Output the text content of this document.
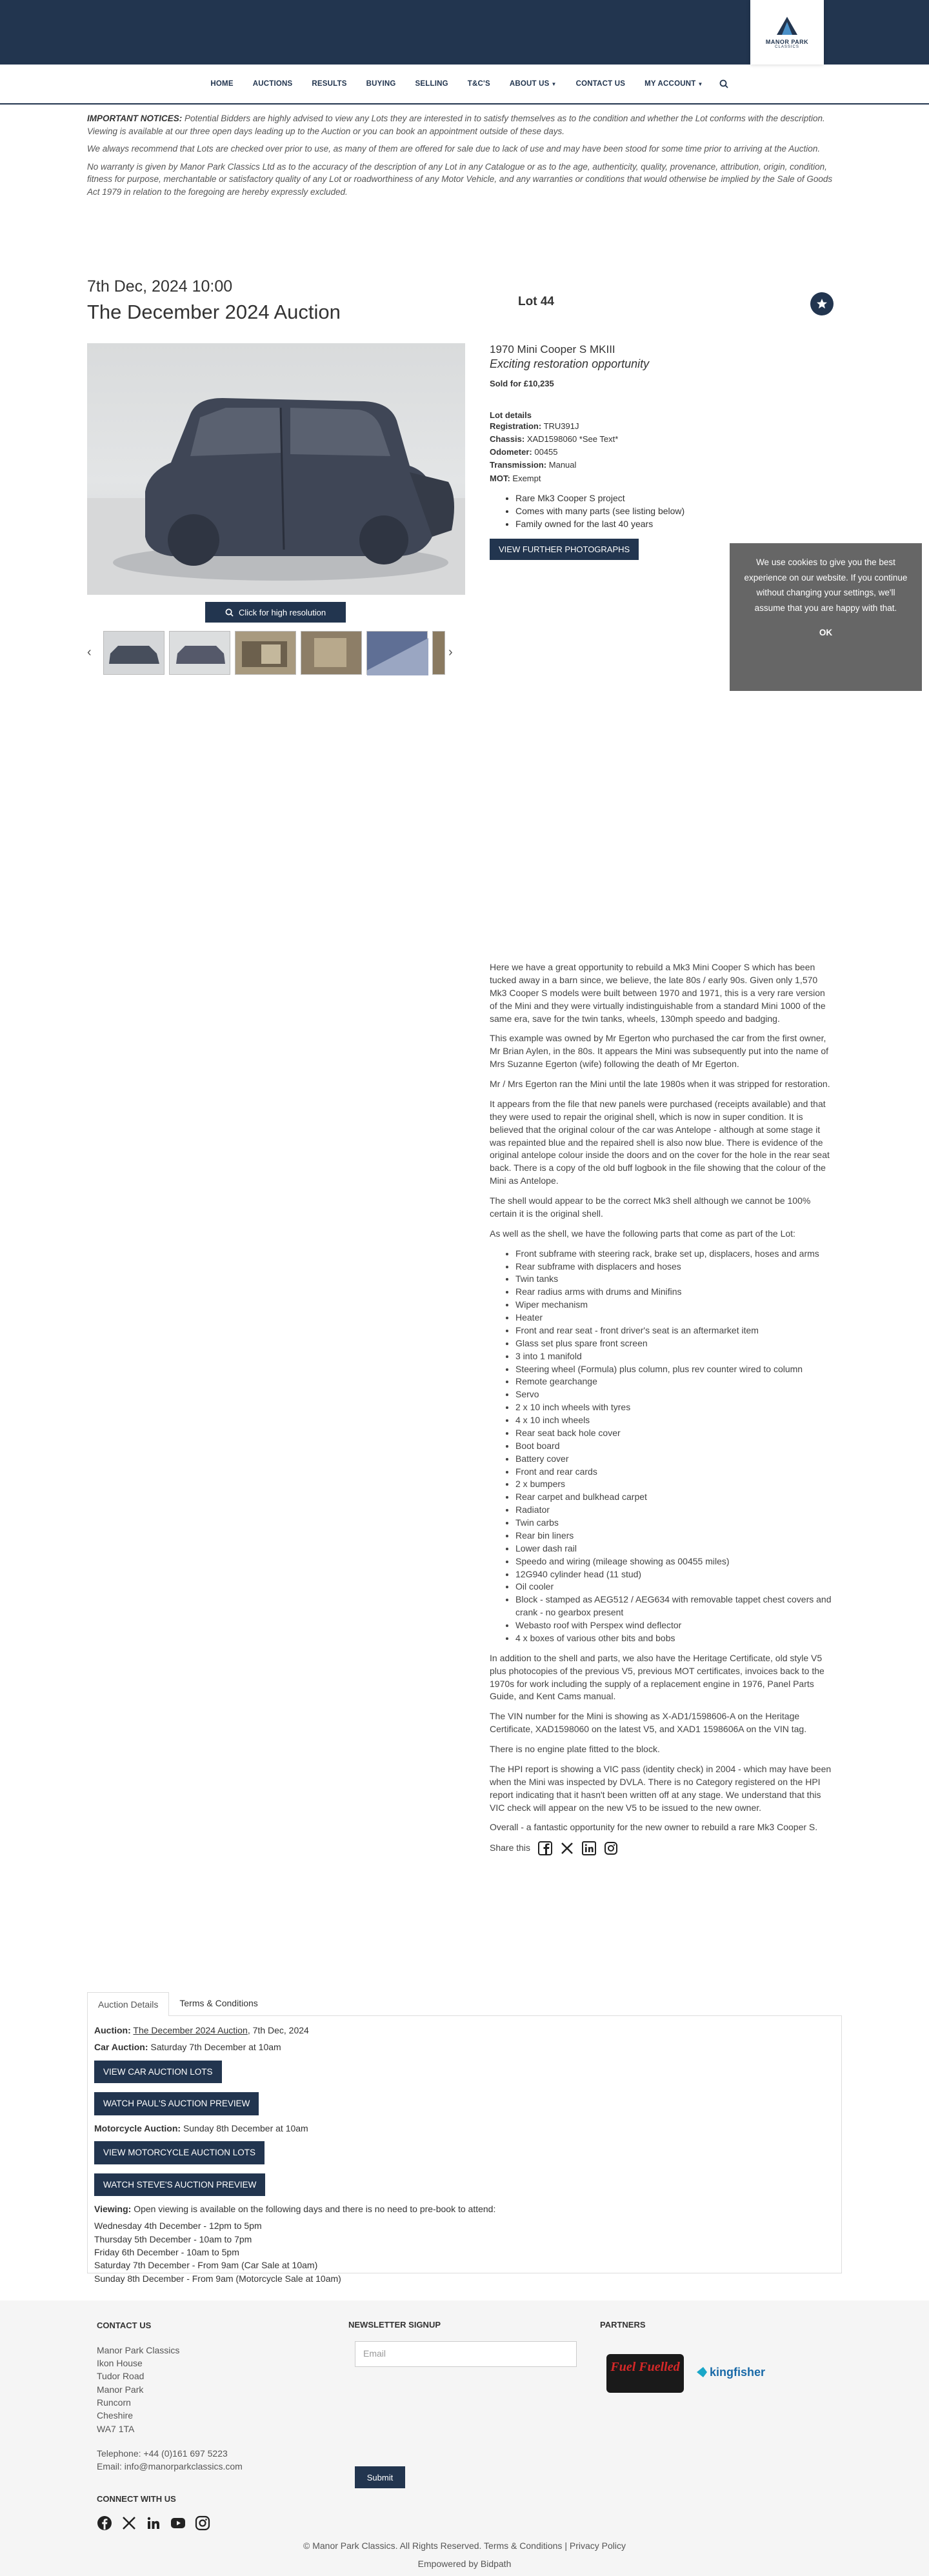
MANOR PARK
CLASSICS
HOME	AUCTIONS	RESULTS	BUYING	SELLING	T&C'S	ABOUT US ▼	CONTACT US	MY ACCOUNT ▼

IMPORTANT NOTICES: Potential Bidders are highly advised to view any Lots they are interested in to satisfy themselves as to the condition and whether the Lot conforms with the description. Viewing is available at our three open days leading up to the Auction or you can book an appointment outside of these days.

We always recommend that Lots are checked over prior to use, as many of them are offered for sale due to lack of use and may have been stood for some time prior to arriving at the Auction.

No warranty is given by Manor Park Classics Ltd as to the accuracy of the description of any Lot in any Catalogue or as to the age, authenticity, quality, provenance, attribution, origin, condition, fitness for purpose, merchantable or satisfactory quality of any Lot or roadworthiness of any Motor Vehicle, and any warranties or conditions that would otherwise be implied by the Sale of Goods Act 1979 in relation to the foregoing are hereby expressly excluded.

7th Dec, 2024 10:00
The December 2024 Auction	Lot 44
Click for high resolution
‹	›
1970 Mini Cooper S MKIII
Exciting restoration opportunity
Sold for £10,235
Lot details
Registration: TRU391J
Chassis: XAD1598060 *See Text*
Odometer: 00455
Transmission: Manual
MOT: Exempt
• Rare Mk3 Cooper S project
• Comes with many parts (see listing below)
• Family owned for the last 40 years
VIEW FURTHER PHOTOGRAPHS
We use cookies to give you the best experience on our website. If you continue without changing your settings, we'll assume that you are happy with that.
OK

Here we have a great opportunity to rebuild a Mk3 Mini Cooper S which has been tucked away in a barn since, we believe, the late 80s / early 90s. Given only 1,570 Mk3 Cooper S models were built between 1970 and 1971, this is a very rare version of the Mini and they were virtually indistinguishable from a standard Mini 1000 of the same era, save for the twin tanks, wheels, 130mph speedo and badging.

This example was owned by Mr Egerton who purchased the car from the first owner, Mr Brian Aylen, in the 80s. It appears the Mini was subsequently put into the name of Mrs Suzanne Egerton (wife) following the death of Mr Egerton.

Mr / Mrs Egerton ran the Mini until the late 1980s when it was stripped for restoration.

It appears from the file that new panels were purchased (receipts available) and that they were used to repair the original shell, which is now in super condition. It is believed that the original colour of the car was Antelope - although at some stage it was repainted blue and the repaired shell is also now blue. There is evidence of the original antelope colour inside the doors and on the cover for the hole in the rear seat back. There is a copy of the old buff logbook in the file showing that the colour of the Mini as Antelope.

The shell would appear to be the correct Mk3 shell although we cannot be 100% certain it is the original shell.

As well as the shell, we have the following parts that come as part of the Lot:

• Front subframe with steering rack, brake set up, displacers, hoses and arms
• Rear subframe with displacers and hoses
• Twin tanks
• Rear radius arms with drums and Minifins
• Wiper mechanism
• Heater
• Front and rear seat - front driver's seat is an aftermarket item
• Glass set plus spare front screen
• 3 into 1 manifold
• Steering wheel (Formula) plus column, plus rev counter wired to column
• Remote gearchange
• Servo
• 2 x 10 inch wheels with tyres
• 4 x 10 inch wheels
• Rear seat back hole cover
• Boot board
• Battery cover
• Front and rear cards
• 2 x bumpers
• Rear carpet and bulkhead carpet
• Radiator
• Twin carbs
• Rear bin liners
• Lower dash rail
• Speedo and wiring (mileage showing as 00455 miles)
• 12G940 cylinder head (11 stud)
• Oil cooler
• Block - stamped as AEG512 / AEG634 with removable tappet chest covers and crank - no gearbox present
• Webasto roof with Perspex wind deflector
• 4 x boxes of various other bits and bobs

In addition to the shell and parts, we also have the Heritage Certificate, old style V5 plus photocopies of the previous V5, previous MOT certificates, invoices back to the 1970s for work including the supply of a replacement engine in 1976, Panel Parts Guide, and Kent Cams manual.

The VIN number for the Mini is showing as X-AD1/1598606-A on the Heritage Certificate, XAD1598060 on the latest V5, and XAD1 1598606A on the VIN tag.

There is no engine plate fitted to the block.

The HPI report is showing a VIC pass (identity check) in 2004 - which may have been when the Mini was inspected by DVLA. There is no Category registered on the HPI report indicating that it hasn't been written off at any stage. We understand that this VIC check will appear on the new V5 to be issued to the new owner.

Overall - a fantastic opportunity for the new owner to rebuild a rare Mk3 Cooper S.

Share this
Auction Details	Terms & Conditions
Auction: The December 2024 Auction, 7th Dec, 2024
Car Auction: Saturday 7th December at 10am
VIEW CAR AUCTION LOTS
WATCH PAUL'S AUCTION PREVIEW
Motorcycle Auction: Sunday 8th December at 10am
VIEW MOTORCYCLE AUCTION LOTS
WATCH STEVE'S AUCTION PREVIEW
Viewing: Open viewing is available on the following days and there is no need to pre-book to attend:
Wednesday 4th December - 12pm to 5pm
Thursday 5th December - 10am to 7pm
Friday 6th December - 10am to 5pm
Saturday 7th December - From 9am (Car Sale at 10am)
Sunday 8th December - From 9am (Motorcycle Sale at 10am)
CONTACT US
Manor Park Classics
Ikon House
Tudor Road
Manor Park
Runcorn
Cheshire
WA7 1TA
Telephone: +44 (0)161 697 5223
Email: info@manorparkclassics.com
NEWSLETTER SIGNUP
Email
Submit
PARTNERS
Fuel Fuelled	kingfisher
CONNECT WITH US
© Manor Park Classics. All Rights Reserved. Terms & Conditions | Privacy Policy
Empowered by Bidpath
